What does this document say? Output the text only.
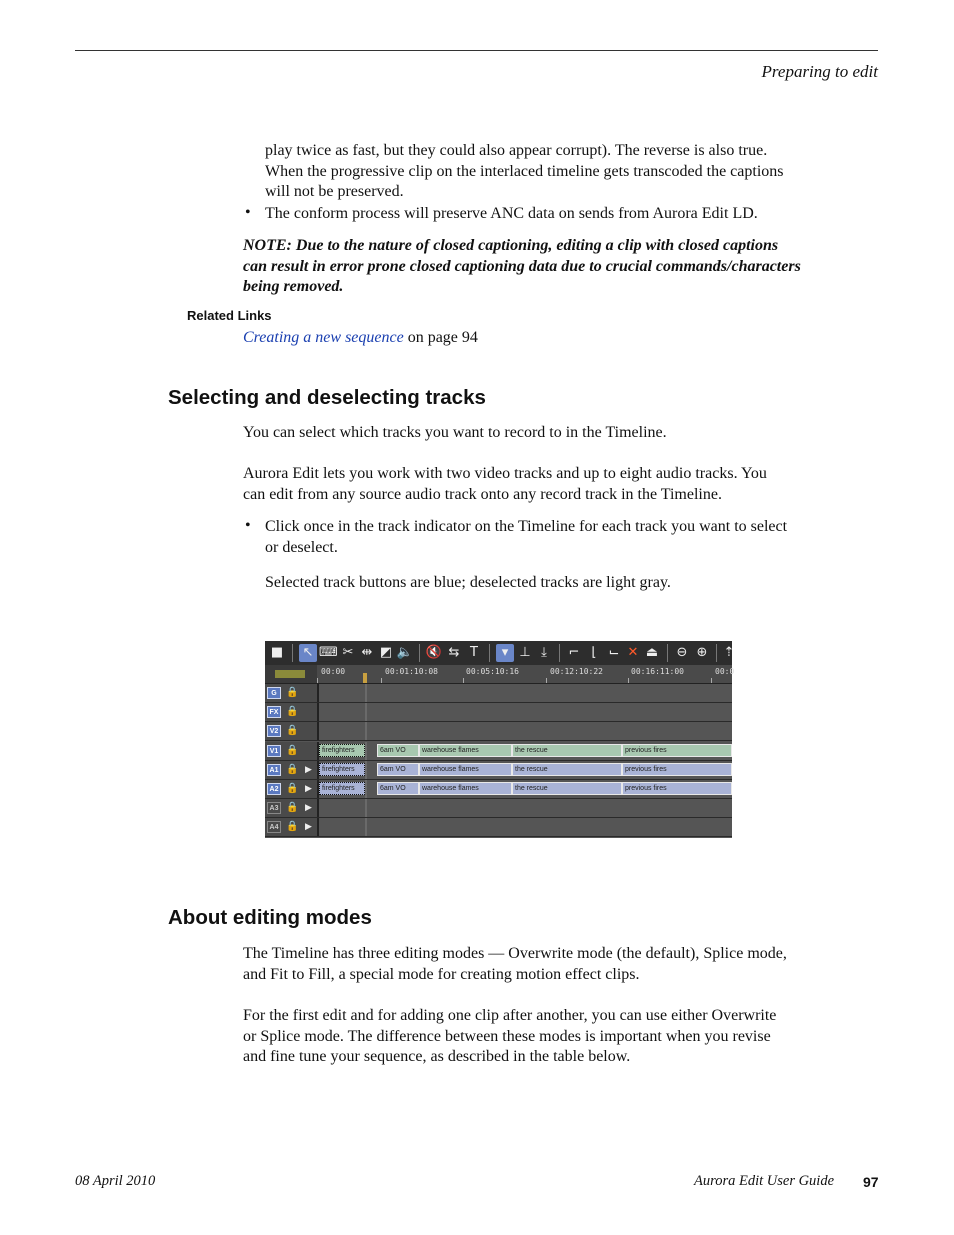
Preparing to edit
play twice as fast, but they could also appear corrupt). The reverse is also true.
When the progressive clip on the interlaced timeline gets transcoded the captions
will not be preserved.
• The conform process will preserve ANC data on sends from Aurora Edit LD.
NOTE: Due to the nature of closed captioning, editing a clip with closed captions
can result in error prone closed captioning data due to crucial commands/characters
being removed.
Related Links
Creating a new sequence on page 94
Selecting and deselecting tracks
You can select which tracks you want to record to in the Timeline.
Aurora Edit lets you work with two video tracks and up to eight audio tracks. You
can edit from any source audio track onto any record track in the Timeline.
• Click once in the track indicator on the Timeline for each track you want to select
or deselect.
Selected track buttons are blue; deselected tracks are light gray.
■ ↖ ⌨ ✂ ⇹ ◩ 🔈 🔇 ⇆ T	▾ ⊥ ⤓	⌐ ⌊ ⌙ ✕ ⏏ ⊖ ⊕ ⇡
00:00	00:01:10:08	00:05:10:16	00:12:10:22	00:16:11:00	00:0
G 🔒
FX 🔒
V2 🔒
V1 🔒	firefighters	6am VO	warehouse flames	the rescue	previous fires
A1 🔒 ▶	firefighters	6am VO	warehouse flames	the rescue	previous fires
A2 🔒 ▶	firefighters	6am VO	warehouse flames	the rescue	previous fires
A3 🔒 ▶
A4 🔒 ▶
About editing modes
The Timeline has three editing modes — Overwrite mode (the default), Splice mode,
and Fit to Fill, a special mode for creating motion effect clips.
For the first edit and for adding one clip after another, you can use either Overwrite
or Splice mode. The difference between these modes is important when you revise
and fine tune your sequence, as described in the table below.
08 April 2010	Aurora Edit User Guide 97
